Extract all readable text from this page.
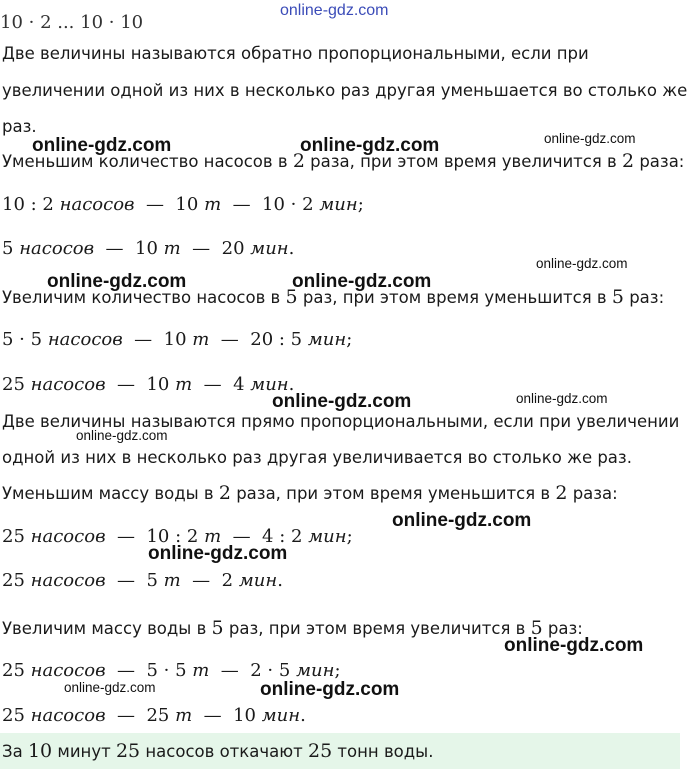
online-gdz.com
10 · 2 ... 10 · 10
Две величины называются обратно пропорциональными, если при
увеличении одной из них в несколько раз другая уменьшается во столько же
раз.
Уменьшим количество насосов в 2 раза, при этом время увеличится в 2 раза:
10 : 2 насосов — 10 т — 10 · 2 мин;
5 насосов — 10 т — 20 мин.
Увеличим количество насосов в 5 раз, при этом время уменьшится в 5 раз:
5 · 5 насосов — 10 т — 20 : 5 мин;
25 насосов — 10 т — 4 мин.
Две величины называются прямо пропорциональными, если при увеличении
одной из них в несколько раз другая увеличивается во столько же раз.
Уменьшим массу воды в 2 раза, при этом время уменьшится в 2 раза:
25 насосов — 10 : 2 т — 4 : 2 мин;
25 насосов — 5 т — 2 мин.
Увеличим массу воды в 5 раз, при этом время увеличится в 5 раз:
25 насосов — 5 · 5 т — 2 · 5 мин;
25 насосов — 25 т — 10 мин.
За 10 минут 25 насосов откачают 25 тонн воды.
online-gdz.com	online-gdz.com	online-gdz.com
online-gdz.com	online-gdz.com
online-gdz.com
online-gdz.com	online-gdz.com
online-gdz.com
online-gdz.com
online-gdz.com
online-gdz.com
online-gdz.com	online-gdz.com
